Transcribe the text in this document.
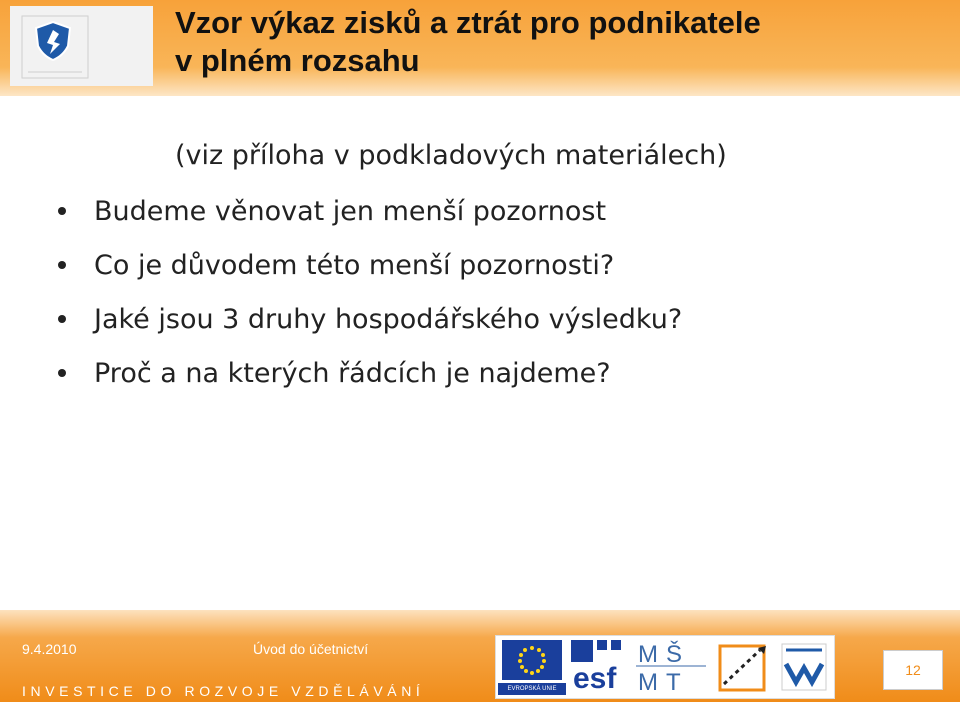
Vzor výkaz zisků a ztrát pro podnikatele
v plném rozsahu
(viz příloha v podkladových materiálech)
Budeme věnovat jen menší pozornost
Co je důvodem této menší pozornosti?
Jaké jsou 3 druhy hospodářského výsledku?
Proč a na kterých řádcích je najdeme?
9.4.2010	Úvod do účetnictví
INVESTICE DO ROZVOJE VZDĚLÁVÁNÍ	EVROPSKÁ UNIE esf
M Š
M T	12
